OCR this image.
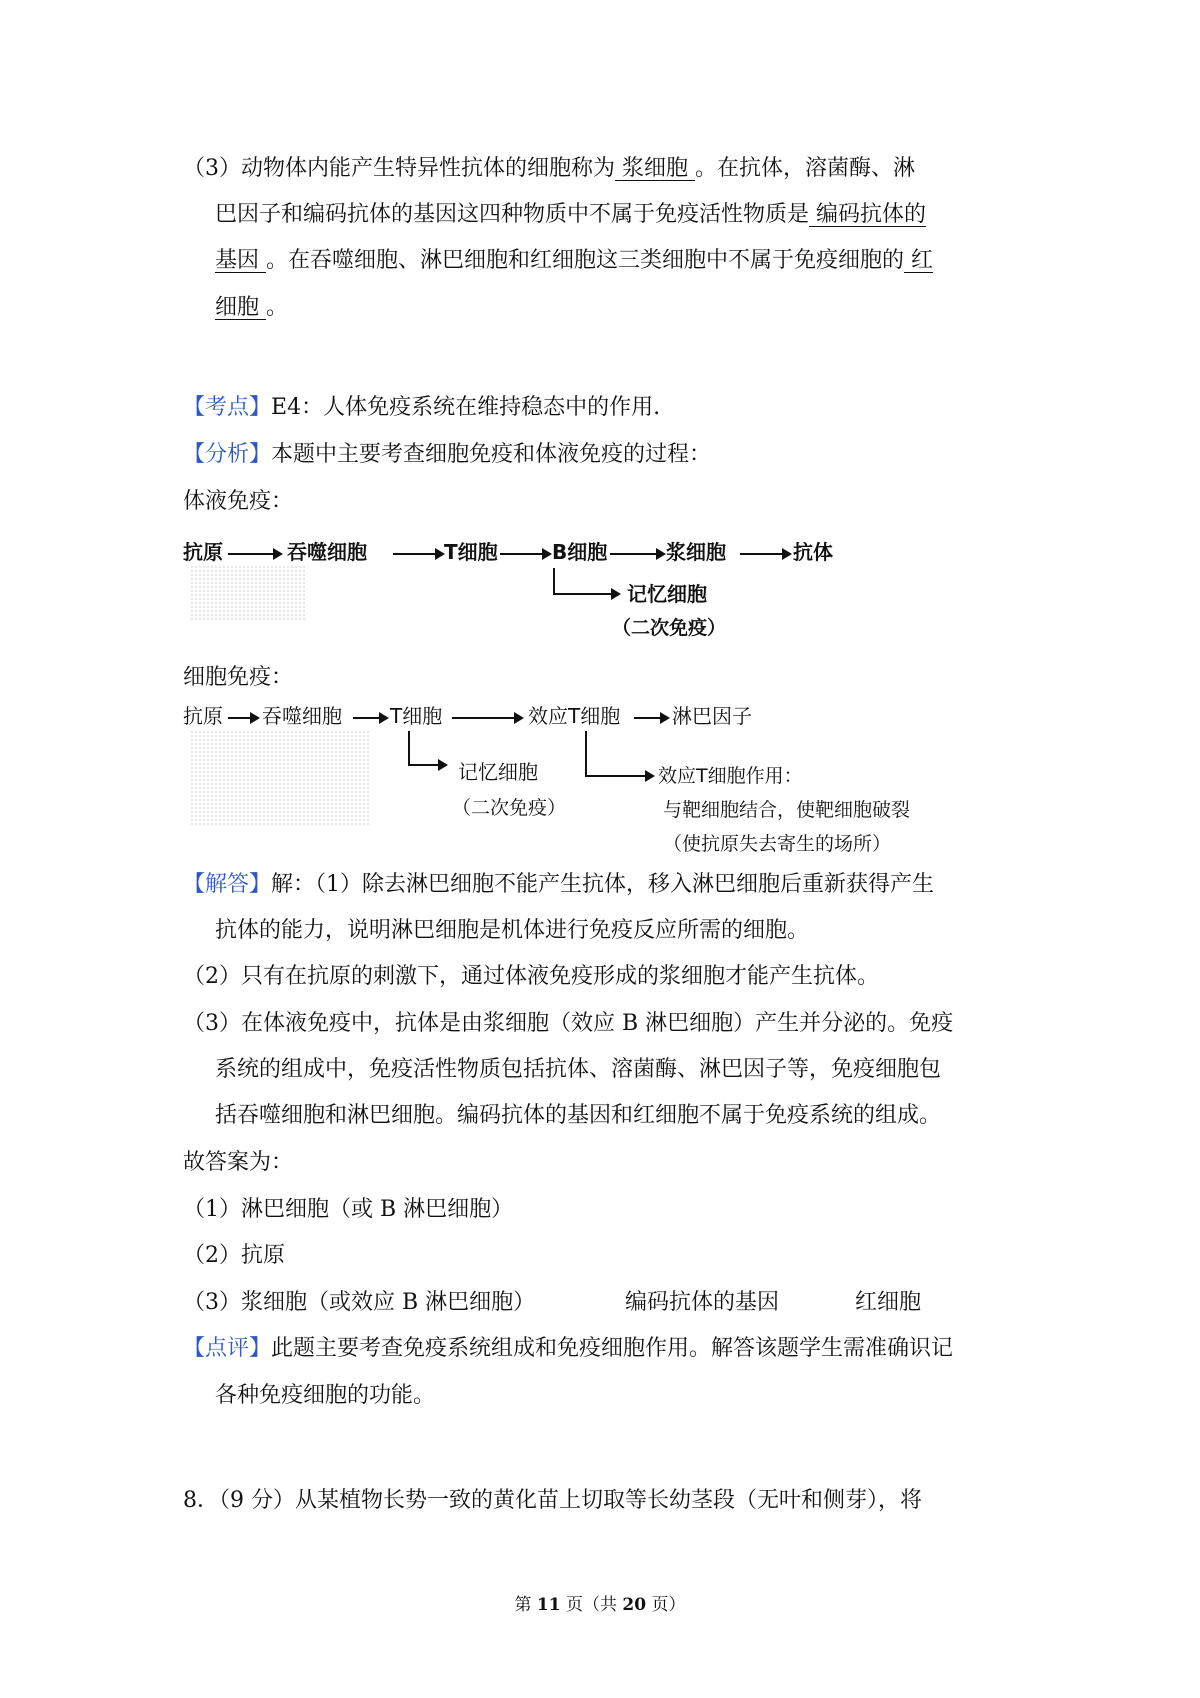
（3）动物体内能产生特异性抗体的细胞称为 浆细胞 。在抗体，溶菌酶、淋
巴因子和编码抗体的基因这四种物质中不属于免疫活性物质是 编码抗体的
基因 。在吞噬细胞、淋巴细胞和红细胞这三类细胞中不属于免疫细胞的 红
细胞 。
【考点】E4：人体免疫系统在维持稳态中的作用.
【分析】本题中主要考查细胞免疫和体液免疫的过程：
体液免疫：
抗原	吞噬细胞	T细胞	B细胞	浆细胞	抗体
记忆细胞
（二次免疫）
细胞免疫：
抗原 吞噬细胞 T细胞	效应T细胞	淋巴因子
记忆细胞
（二次免疫）
效应T细胞作用：
与靶细胞结合，使靶细胞破裂
（使抗原失去寄生的场所）
【解答】解：（1）除去淋巴细胞不能产生抗体，移入淋巴细胞后重新获得产生
抗体的能力，说明淋巴细胞是机体进行免疫反应所需的细胞。
（2）只有在抗原的刺激下，通过体液免疫形成的浆细胞才能产生抗体。
（3）在体液免疫中，抗体是由浆细胞（效应 B 淋巴细胞）产生并分泌的。免疫
系统的组成中，免疫活性物质包括抗体、溶菌酶、淋巴因子等，免疫细胞包
括吞噬细胞和淋巴细胞。编码抗体的基因和红细胞不属于免疫系统的组成。
故答案为：
（1）淋巴细胞（或 B 淋巴细胞）
（2）抗原
（3）浆细胞（或效应 B 淋巴细胞）	编码抗体的基因	红细胞
【点评】此题主要考查免疫系统组成和免疫细胞作用。解答该题学生需准确识记
各种免疫细胞的功能。
8．（9 分）从某植物长势一致的黄化苗上切取等长幼茎段（无叶和侧芽），将
第 11 页（共 20 页）
